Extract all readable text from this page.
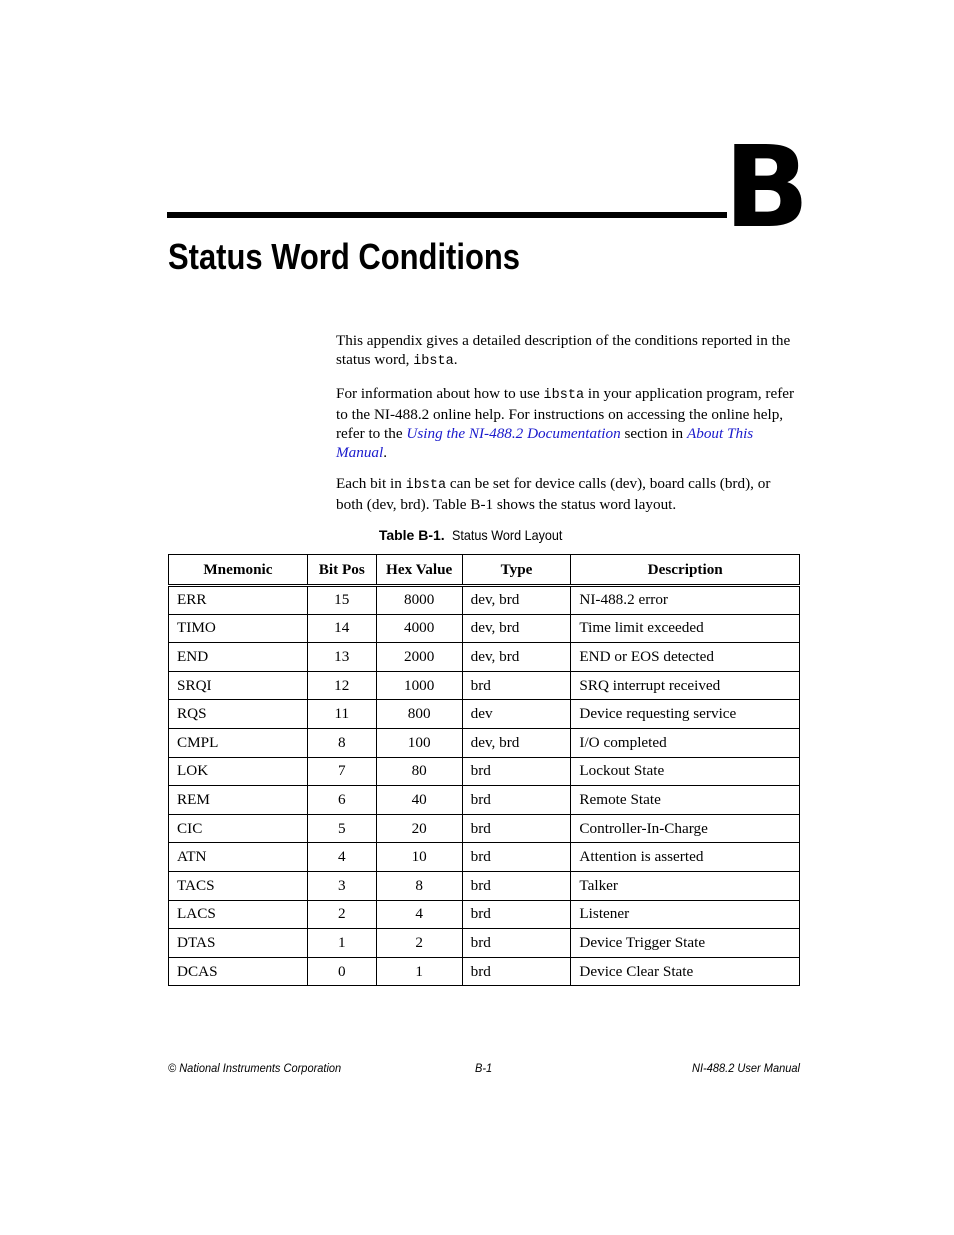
B
Status Word Conditions

This appendix gives a detailed description of the conditions reported in the status word, ibsta.

For information about how to use ibsta in your application program, refer to the NI-488.2 online help. For instructions on accessing the online help, refer to the Using the NI-488.2 Documentation section in About This Manual.

Each bit in ibsta can be set for device calls (dev), board calls (brd), or both (dev, brd). Table B-1 shows the status word layout.

Table B-1. Status Word Layout
Mnemonic	Bit Pos	Hex Value	Type	Description
ERR	15	8000	dev, brd	NI-488.2 error
TIMO	14	4000	dev, brd	Time limit exceeded
END	13	2000	dev, brd	END or EOS detected
SRQI	12	1000	brd	SRQ interrupt received
RQS	11	800	dev	Device requesting service
CMPL	8	100	dev, brd	I/O completed
LOK	7	80	brd	Lockout State
REM	6	40	brd	Remote State
CIC	5	20	brd	Controller-In-Charge
ATN	4	10	brd	Attention is asserted
TACS	3	8	brd	Talker
LACS	2	4	brd	Listener
DTAS	1	2	brd	Device Trigger State
DCAS	0	1	brd	Device Clear State
© National Instruments Corporation	B-1	NI-488.2 User Manual
